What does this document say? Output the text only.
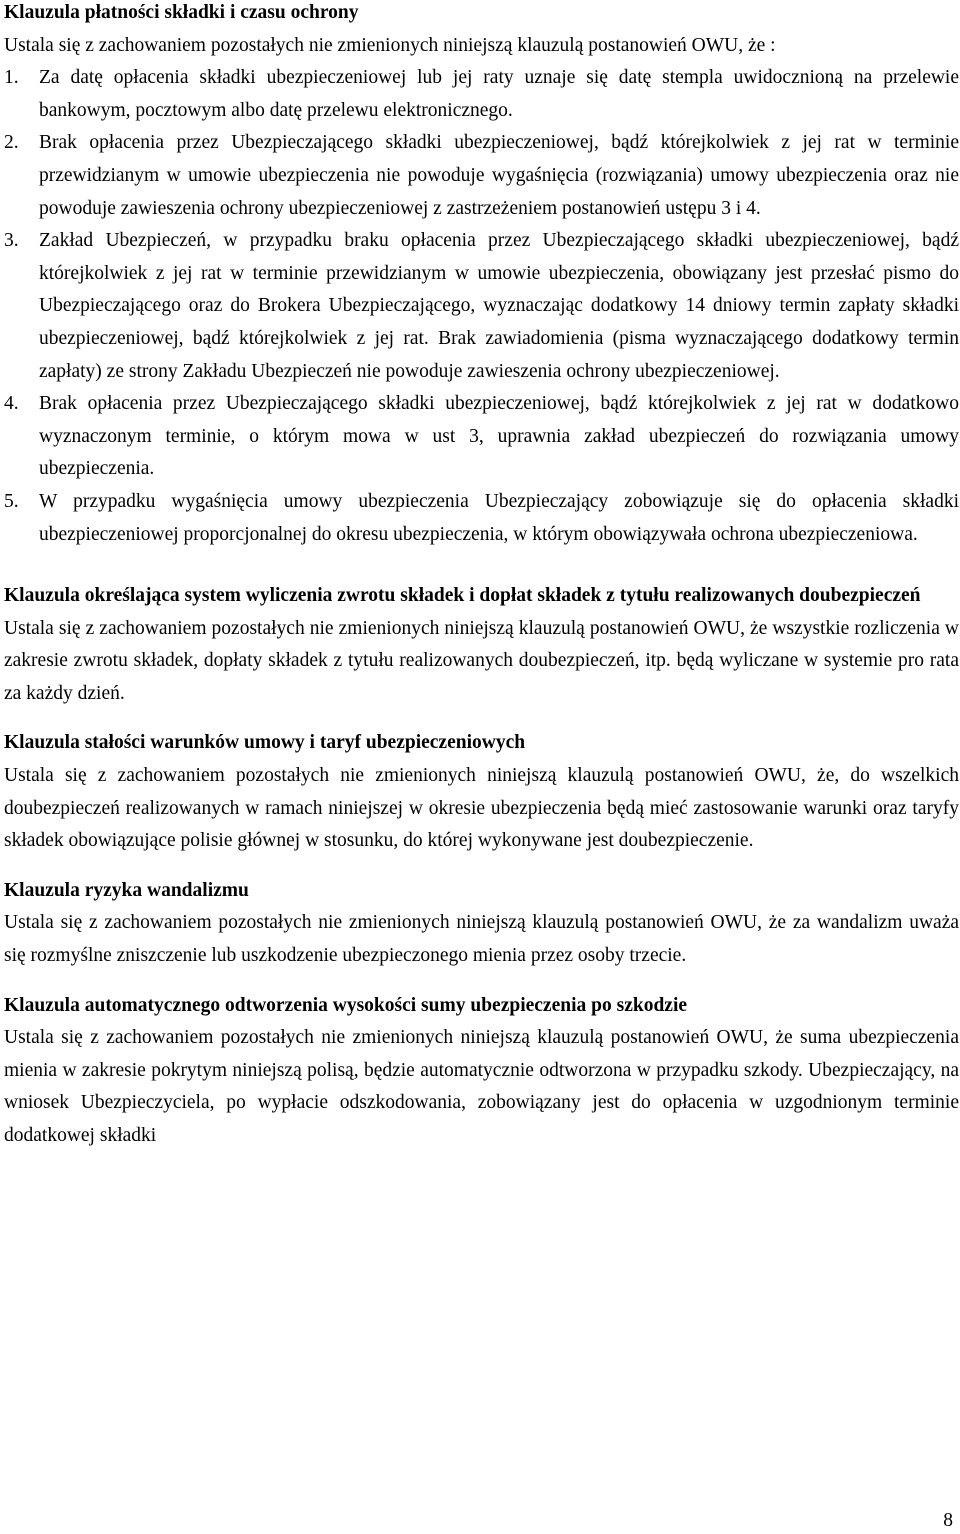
Klauzula płatności składki i czasu ochrony

Ustala się z zachowaniem pozostałych nie zmienionych niniejszą klauzulą postanowień OWU, że :

1. Za datę opłacenia składki ubezpieczeniowej lub jej raty uznaje się datę stempla uwidocznioną na przelewie bankowym, pocztowym albo datę przelewu elektronicznego.
2. Brak opłacenia przez Ubezpieczającego składki ubezpieczeniowej, bądź którejkolwiek z jej rat w terminie przewidzianym w umowie ubezpieczenia nie powoduje wygaśnięcia (rozwiązania) umowy ubezpieczenia oraz nie powoduje zawieszenia ochrony ubezpieczeniowej z zastrzeżeniem postanowień ustępu 3 i 4.
3. Zakład Ubezpieczeń, w przypadku braku opłacenia przez Ubezpieczającego składki ubezpieczeniowej, bądź którejkolwiek z jej rat w terminie przewidzianym w umowie ubezpieczenia, obowiązany jest przesłać pismo do Ubezpieczającego oraz do Brokera Ubezpieczającego, wyznaczając dodatkowy 14 dniowy termin zapłaty składki ubezpieczeniowej, bądź którejkolwiek z jej rat. Brak zawiadomienia (pisma wyznaczającego dodatkowy termin zapłaty) ze strony Zakładu Ubezpieczeń nie powoduje zawieszenia ochrony ubezpieczeniowej.
4. Brak opłacenia przez Ubezpieczającego składki ubezpieczeniowej, bądź którejkolwiek z jej rat w dodatkowo wyznaczonym terminie, o którym mowa w ust 3, uprawnia zakład ubezpieczeń do rozwiązania umowy ubezpieczenia.
5. W przypadku wygaśnięcia umowy ubezpieczenia Ubezpieczający zobowiązuje się do opłacenia składki ubezpieczeniowej proporcjonalnej do okresu ubezpieczenia, w którym obowiązywała ochrona ubezpieczeniowa.

Klauzula określająca system wyliczenia zwrotu składek i dopłat składek z tytułu realizowanych doubezpieczeń

Ustala się z zachowaniem pozostałych nie zmienionych niniejszą klauzulą postanowień OWU, że wszystkie rozliczenia w zakresie zwrotu składek, dopłaty składek z tytułu realizowanych doubezpieczeń, itp. będą wyliczane w systemie pro rata za każdy dzień.

Klauzula stałości warunków umowy i taryf ubezpieczeniowych

Ustala się z zachowaniem pozostałych nie zmienionych niniejszą klauzulą postanowień OWU, że, do wszelkich doubezpieczeń realizowanych w ramach niniejszej w okresie ubezpieczenia będą mieć zastosowanie warunki oraz taryfy składek obowiązujące polisie głównej w stosunku, do której wykonywane jest doubezpieczenie.

Klauzula ryzyka wandalizmu

Ustala się z zachowaniem pozostałych nie zmienionych niniejszą klauzulą postanowień OWU, że za wandalizm uważa się rozmyślne zniszczenie lub uszkodzenie ubezpieczonego mienia przez osoby trzecie.

Klauzula automatycznego odtworzenia wysokości sumy ubezpieczenia po szkodzie

Ustala się z zachowaniem pozostałych nie zmienionych niniejszą klauzulą postanowień OWU, że suma ubezpieczenia mienia w zakresie pokrytym niniejszą polisą, będzie automatycznie odtworzona w przypadku szkody. Ubezpieczający, na wniosek Ubezpieczyciela, po wypłacie odszkodowania, zobowiązany jest do opłacenia w uzgodnionym terminie dodatkowej składki

8
